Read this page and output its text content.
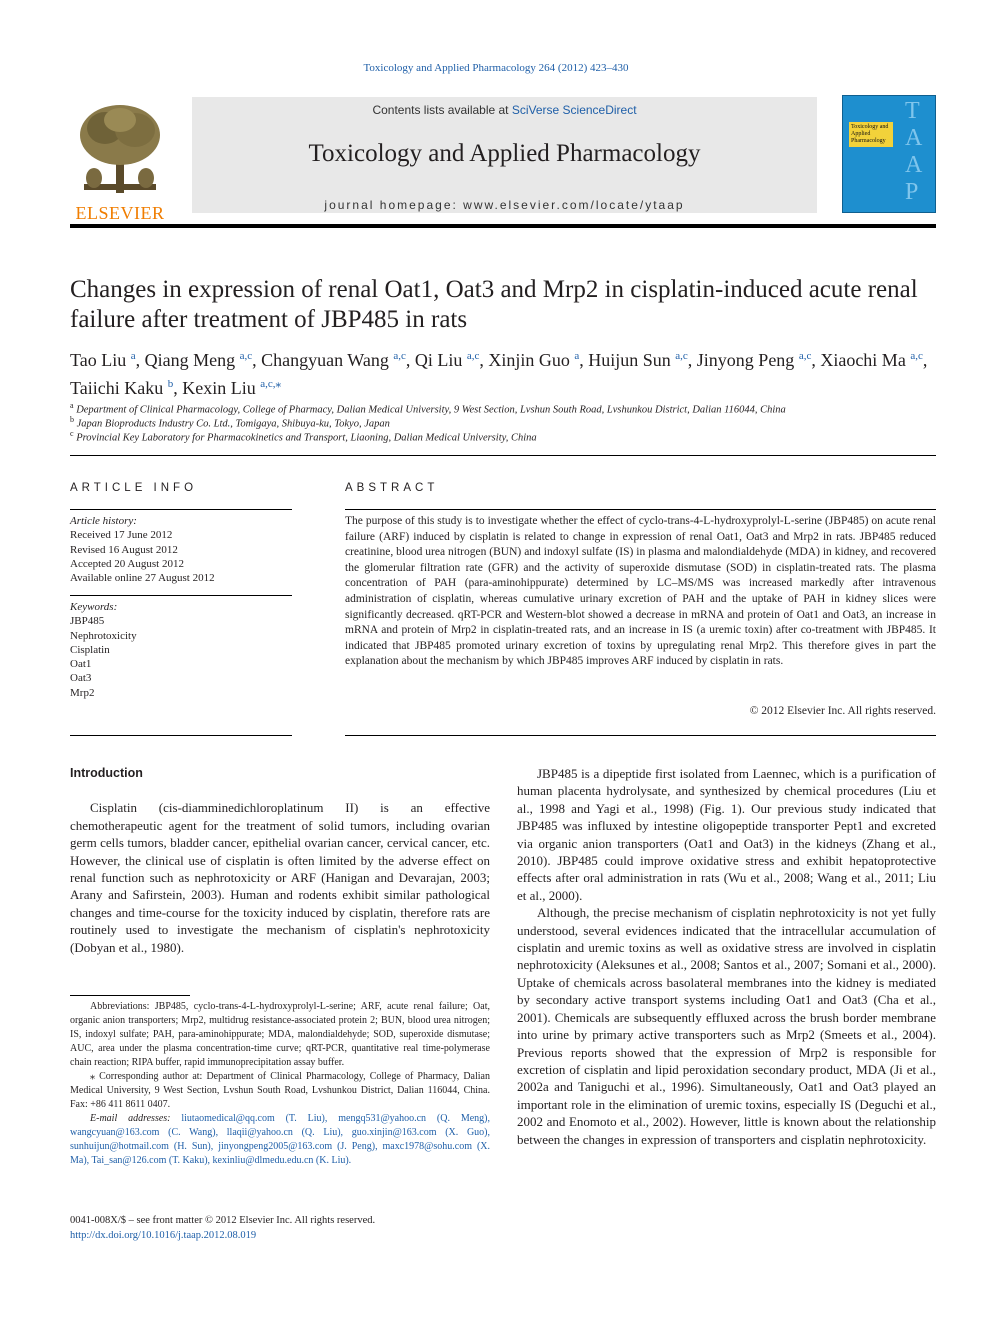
Toxicology and Applied Pharmacology 264 (2012) 423–430
ELSEVIER
Contents lists available at SciVerse ScienceDirect
Toxicology and Applied Pharmacology
journal homepage: www.elsevier.com/locate/ytaap
Toxicology and Applied Pharmacology
TAAP
Changes in expression of renal Oat1, Oat3 and Mrp2 in cisplatin-induced acute renal failure after treatment of JBP485 in rats
Tao Liu $^a$, Qiang Meng $^{a,c}$, Changyuan Wang $^{a,c}$, Qi Liu $^{a,c}$, Xinjin Guo $^a$, Huijun Sun $^{a,c}$, Jinyong Peng $^{a,c}$, Xiaochi Ma $^{a,c}$, Taiichi Kaku $^b$, Kexin Liu $^{a,c,⁎}$
$^a$ Department of Clinical Pharmacology, College of Pharmacy, Dalian Medical University, 9 West Section, Lvshun South Road, Lvshunkou District, Dalian 116044, China
$^b$ Japan Bioproducts Industry Co. Ltd., Tomigaya, Shibuya-ku, Tokyo, Japan
$^c$ Provincial Key Laboratory for Pharmacokinetics and Transport, Liaoning, Dalian Medical University, China
ARTICLE INFO
Article history:
Received 17 June 2012
Revised 16 August 2012
Accepted 20 August 2012
Available online 27 August 2012
Keywords:
JBP485
Nephrotoxicity
Cisplatin
Oat1
Oat3
Mrp2
ABSTRACT
The purpose of this study is to investigate whether the effect of cyclo-trans-4-L-hydroxyprolyl-L-serine (JBP485) on acute renal failure (ARF) induced by cisplatin is related to change in expression of renal Oat1, Oat3 and Mrp2 in rats. JBP485 reduced creatinine, blood urea nitrogen (BUN) and indoxyl sulfate (IS) in plasma and malondialdehyde (MDA) in kidney, and recovered the glomerular filtration rate (GFR) and the activity of superoxide dismutase (SOD) in cisplatin-treated rats. The plasma concentration of PAH (para-aminohippurate) determined by LC–MS/MS was increased markedly after intravenous administration of cisplatin, whereas cumulative urinary excretion of PAH and the uptake of PAH in kidney slices were significantly decreased. qRT-PCR and Western-blot showed a decrease in mRNA and protein of Oat1 and Oat3, an increase in mRNA and protein of Mrp2 in cisplatin-treated rats, and an increase in IS (a uremic toxin) after co-treatment with JBP485. It indicated that JBP485 promoted urinary excretion of toxins by upregulating renal Mrp2. This therefore gives in part the explanation about the mechanism by which JBP485 improves ARF induced by cisplatin in rats.
© 2012 Elsevier Inc. All rights reserved.
Introduction

Cisplatin (cis-diamminedichloroplatinum II) is an effective chemotherapeutic agent for the treatment of solid tumors, including ovarian germ cells tumors, bladder cancer, epithelial ovarian cancer, cervical cancer, etc. However, the clinical use of cisplatin is often limited by the adverse effect on renal function such as nephrotoxicity or ARF (Hanigan and Devarajan, 2003; Arany and Safirstein, 2003). Human and rodents exhibit similar pathological changes and time-course for the toxicity induced by cisplatin, therefore rats are routinely used to investigate the mechanism of cisplatin's nephrotoxicity (Dobyan et al., 1980).

JBP485 is a dipeptide first isolated from Laennec, which is a purification of human placenta hydrolysate, and synthesized by chemical procedures (Liu et al., 1998 and Yagi et al., 1998) (Fig. 1). Our previous study indicated that JBP485 was influxed by intestine oligopeptide transporter Pept1 and excreted via organic anion transporters (Oat1 and Oat3) in the kidneys (Zhang et al., 2010). JBP485 could improve oxidative stress and exhibit hepatoprotective effects after oral administration in rats (Wu et al., 2008; Wang et al., 2011; Liu et al., 2000).

Although, the precise mechanism of cisplatin nephrotoxicity is not yet fully understood, several evidences indicated that the intracellular accumulation of cisplatin and uremic toxins as well as oxidative stress are involved in cisplatin nephrotoxicity (Aleksunes et al., 2008; Santos et al., 2007; Somani et al., 2000). Uptake of chemicals across basolateral membranes into the kidney is mediated by secondary active transport systems including Oat1 and Oat3 (Cha et al., 2001). Chemicals are subsequently effluxed across the brush border membrane into urine by primary active transporters such as Mrp2 (Smeets et al., 2004). Previous reports showed that the expression of Mrp2 is responsible for excretion of cisplatin and lipid peroxidation secondary product, MDA (Ji et al., 2002a and Taniguchi et al., 1996). Simultaneously, Oat1 and Oat3 played an important role in the elimination of uremic toxins, especially IS (Deguchi et al., 2002 and Enomoto et al., 2002). However, little is known about the relationship between the changes in expression of transporters and cisplatin nephrotoxicity.

Abbreviations: JBP485, cyclo-trans-4-L-hydroxyprolyl-L-serine; ARF, acute renal failure; Oat, organic anion transporters; Mrp2, multidrug resistance-associated protein 2; BUN, blood urea nitrogen; IS, indoxyl sulfate; PAH, para-aminohippurate; MDA, malondialdehyde; SOD, superoxide dismutase; AUC, area under the plasma concentration-time curve; qRT-PCR, quantitative real time-polymerase chain reaction; RIPA buffer, rapid immunoprecipitation assay buffer.

⁎ Corresponding author at: Department of Clinical Pharmacology, College of Pharmacy, Dalian Medical University, 9 West Section, Lvshun South Road, Lvshunkou District, Dalian 116044, China. Fax: +86 411 8611 0407.

E-mail addresses: liutaomedical@qq.com (T. Liu), mengq531@yahoo.cn (Q. Meng), wangcyuan@163.com (C. Wang), llaqii@yahoo.cn (Q. Liu), guo.xinjin@163.com (X. Guo), sunhuijun@hotmail.com (H. Sun), jinyongpeng2005@163.com (J. Peng), maxc1978@sohu.com (X. Ma), Tai_san@126.com (T. Kaku), kexinliu@dlmedu.edu.cn (K. Liu).

0041-008X/$ – see front matter © 2012 Elsevier Inc. All rights reserved.
http://dx.doi.org/10.1016/j.taap.2012.08.019
